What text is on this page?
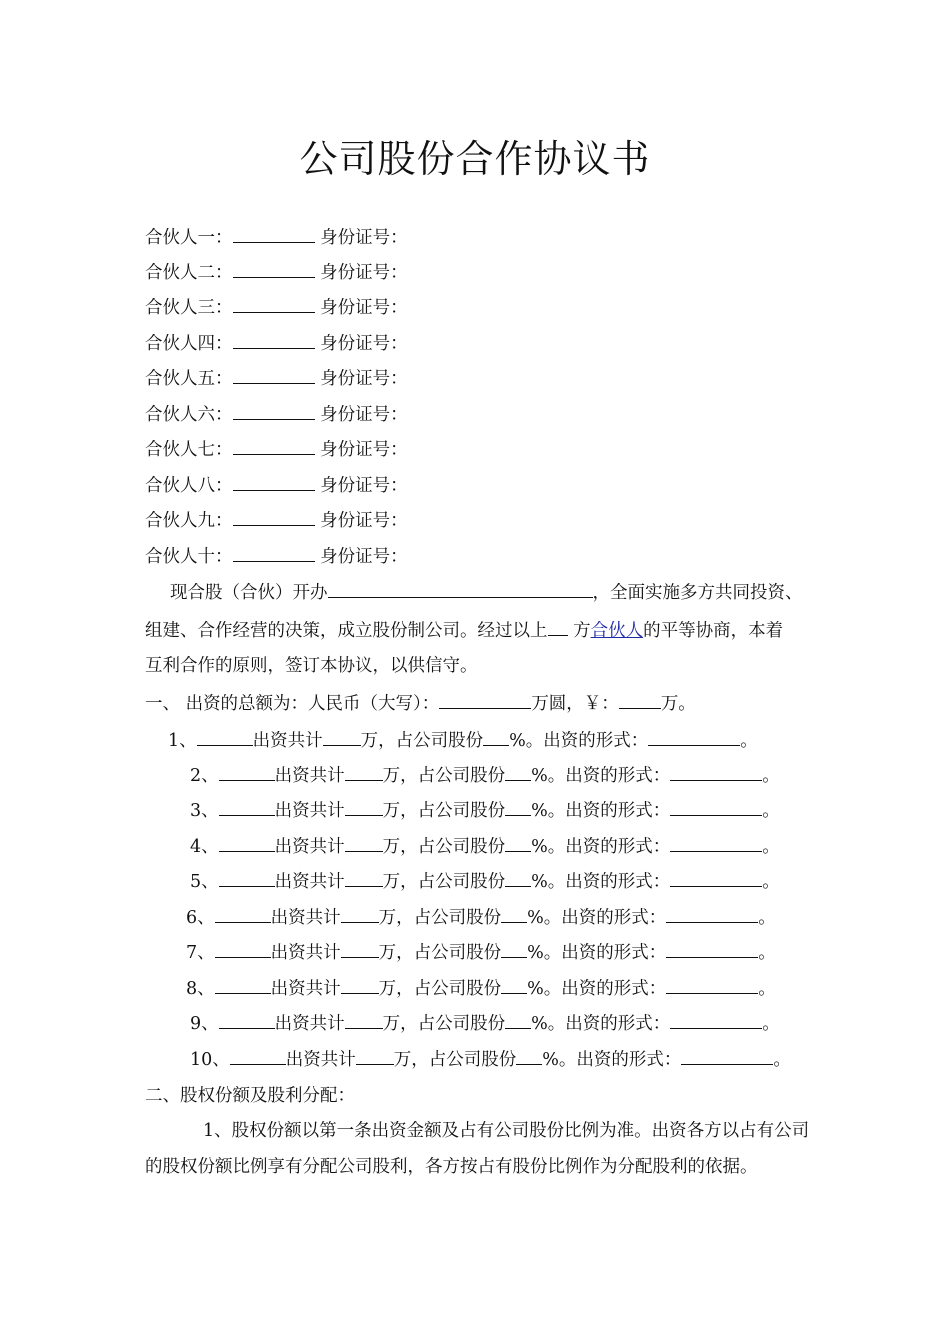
公司股份合作协议书
合伙人一：	身份证号：
合伙人二：	身份证号：
合伙人三：	身份证号：
合伙人四：	身份证号：
合伙人五：	身份证号：
合伙人六：	身份证号：
合伙人七：	身份证号：
合伙人八：	身份证号：
合伙人九：	身份证号：
合伙人十：	身份证号：
现合股（合伙）开办	，全面实施多方共同投资、
组建、合作经营的决策，成立股份制公司。经过以上 方合伙人的平等协商，本着
互利合作的原则，签订本协议，以供信守。
一、 出资的总额为：人民币（大写）：	万圆，￥： 万。
1、	出资共计 万，占公司股份 %。出资的形式：	。
2、	出资共计 万，占公司股份 %。出资的形式：	。
3、	出资共计 万，占公司股份 %。出资的形式：	。
4、	出资共计 万，占公司股份 %。出资的形式：	。
5、	出资共计 万，占公司股份 %。出资的形式：	。
6、	出资共计 万，占公司股份 %。出资的形式：	。
7、	出资共计 万，占公司股份 %。出资的形式：	。
8、	出资共计 万，占公司股份 %。出资的形式：	。
9、	出资共计 万，占公司股份 %。出资的形式：	。
10、	出资共计 万，占公司股份 %。出资的形式：	。
二、股权份额及股利分配：
1、股权份额以第一条出资金额及占有公司股份比例为准。出资各方以占有公司的股权份额比例享有分配公司股利，各方按占有股份比例作为分配股利的依据。
